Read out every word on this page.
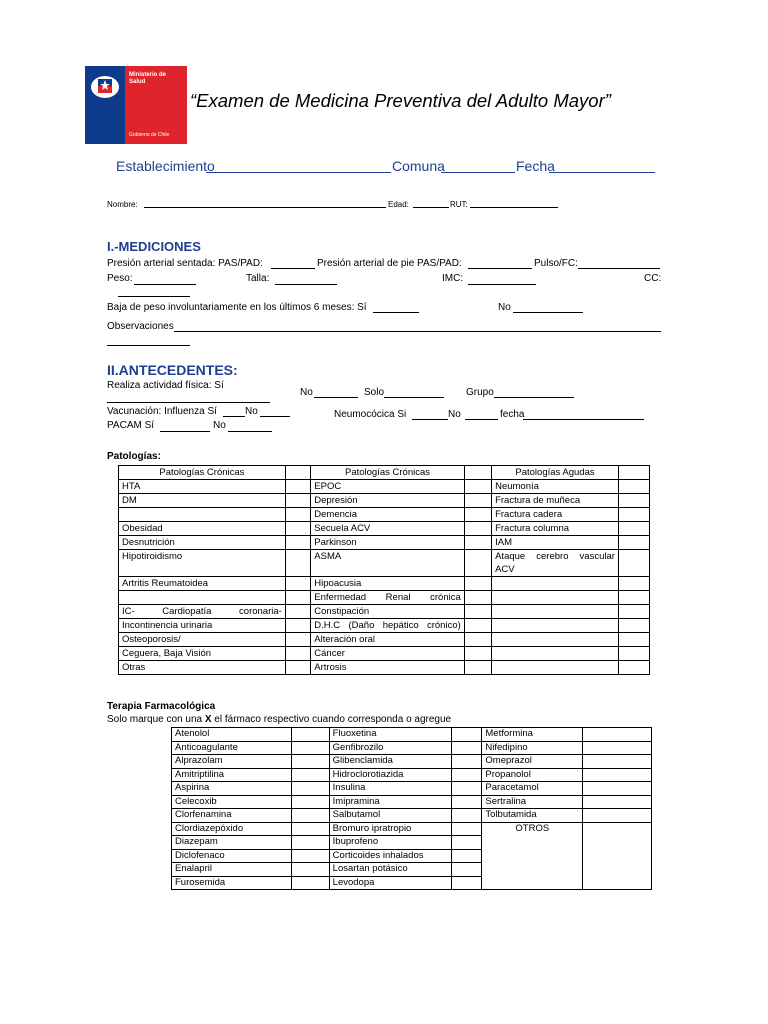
Ministerio de
Salud
Gobierno de Chile
“Examen de Medicina Preventiva del Adulto Mayor”
Establecimiento	Comuna	Fecha
Nombre:	Edad:	RUT:
I.-MEDICIONES
Presión arterial sentada: PAS/PAD:	Presión arterial de pie PAS/PAD:	Pulso/FC:
Peso:	Talla:	IMC:	CC:
Baja de peso involuntariamente en los últimos 6 meses: Sí	No
Observaciones
II.ANTECEDENTES:
Realiza actividad física: Sí
No	Solo	Grupo
Vacunación: Influenza Sí	No	Neumocócica Si	No	fecha
PACAM Sí	No
Patologías:
Patologías Crónicas		Patologías Crónicas		Patologías Agudas	
HTA		EPOC		Neumonía	
DM		Depresión		Fractura de muñeca	
		Demencia		Fractura cadera	
Obesidad		Secuela ACV		Fractura columna	
Desnutrición		Parkinson		IAM	
Hipotiroidismo		ASMA		Ataque cerebro vascular ACV	
Artritis Reumatoidea		Hipoacusia			
		Enfermedad Renal crónica			
IC- Cardiopatía coronaria-		Constipación			
Incontinencia urinaria		D.H.C (Daño hepático crónico)			
Osteoporosis/		Alteración oral			
Ceguera, Baja Visión		Cáncer			
Otras		Artrosis			
Terapia Farmacológica
Solo marque con una X el fármaco respectivo cuando corresponda o agregue
Atenolol		Fluoxetina		Metformina	
Anticoagulante		Genfibrozilo		Nifedipino	
Alprazolam		Glibenclamida		Omeprazol	
Amitriptilina		Hidroclorotiazida		Propanolol	
Aspirina		Insulina		Paracetamol	
Celecoxib		Imipramina		Sertralina	
Clorfenamina		Salbutamol		Tolbutamida	
Clordiazepóxido		Bromuro ipratropio		OTROS	
Diazepam		Ibuprofeno			
Diclofenaco		Corticoides inhalados			
Enalapril		Losartan potásico			
Furosemida		Levodopa			
